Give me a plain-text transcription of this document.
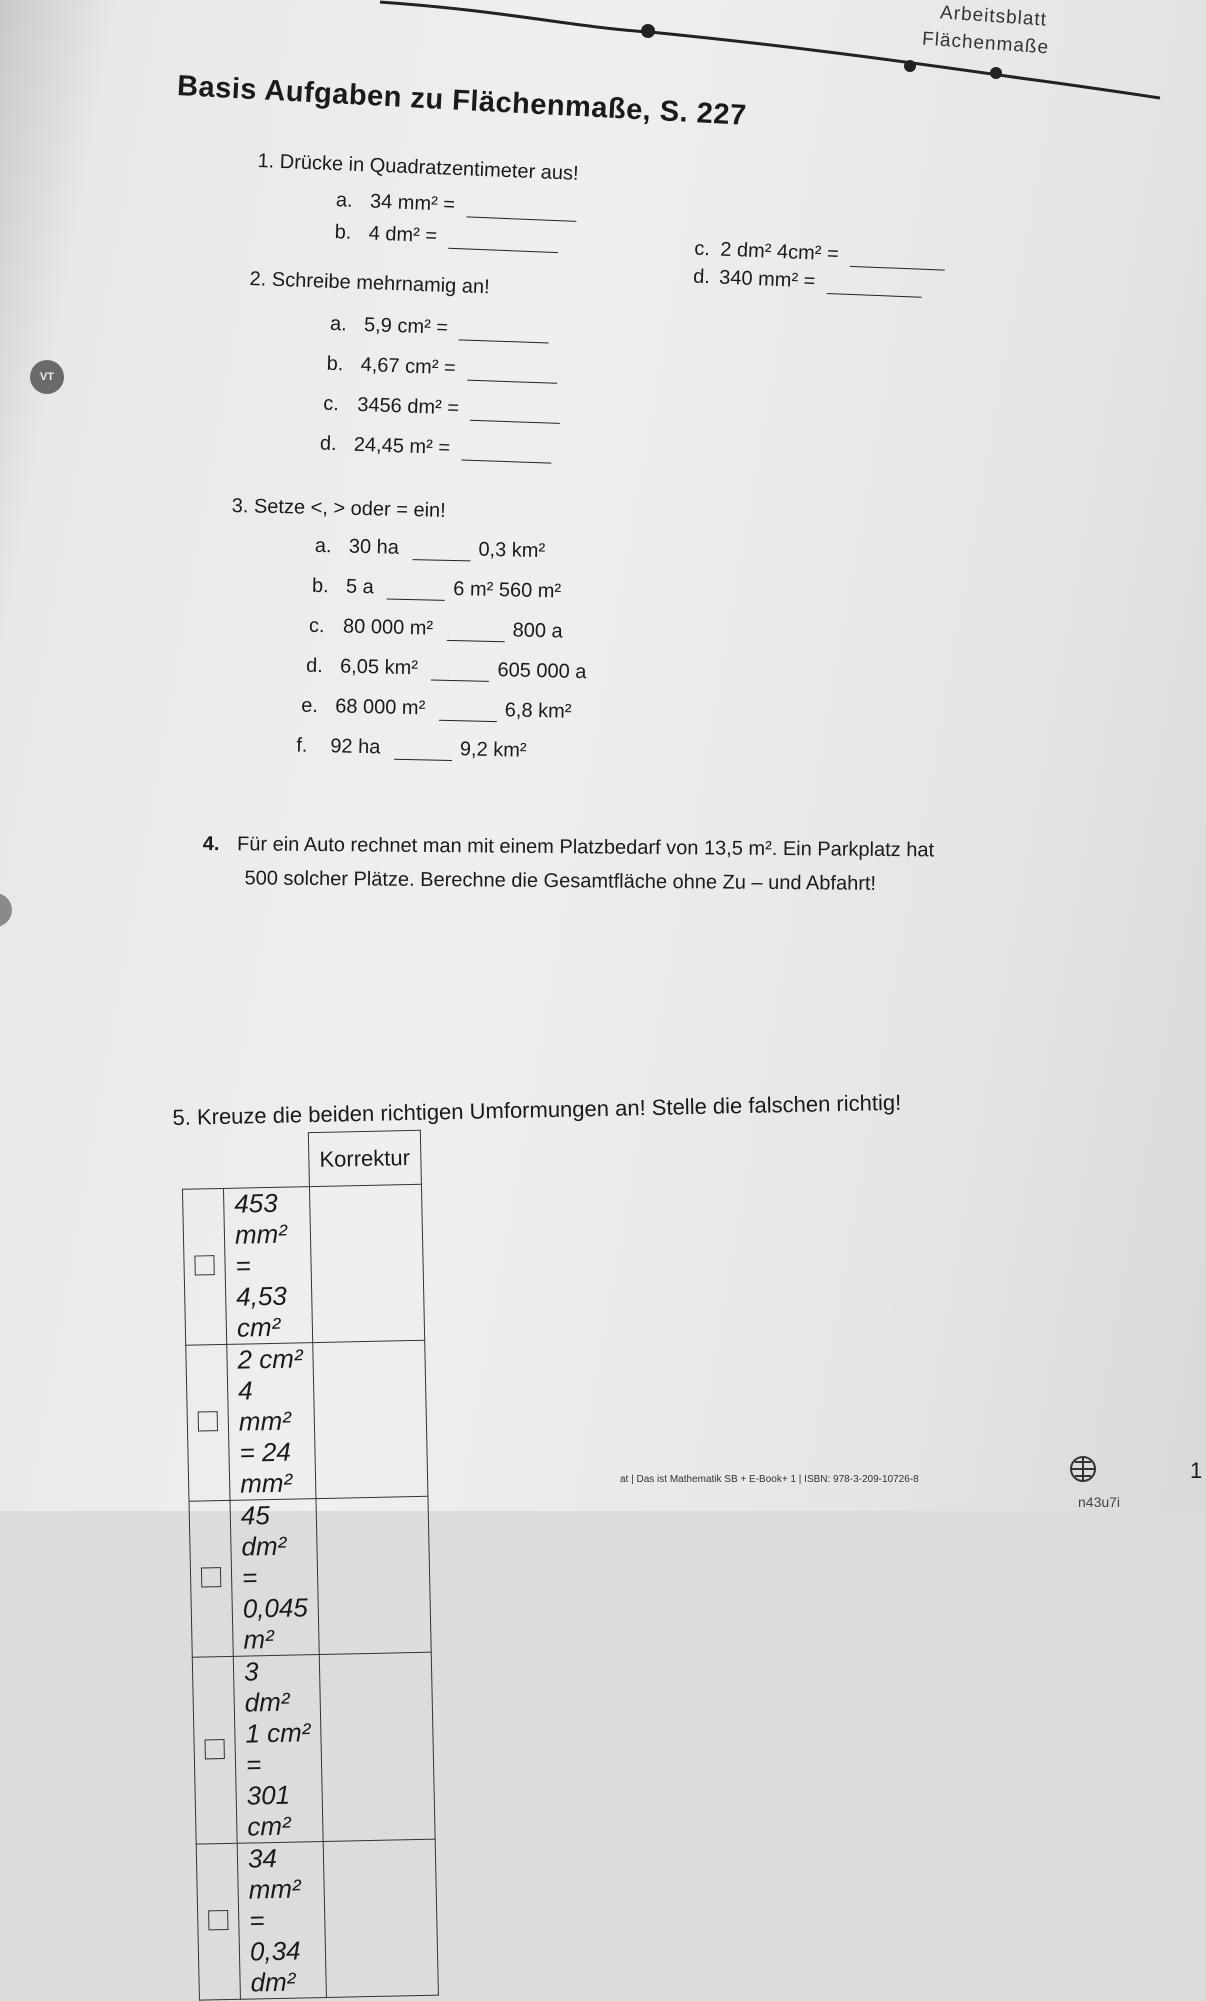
Arbeitsblatt
Flächenmaße
Basis Aufgaben zu Flächenmaße, S. 227
VT
1. Drücke in Quadratzentimeter aus!
a. 34 mm² =
b. 4 dm² =
c. 2 dm² 4cm² =
d. 340 mm² =
2. Schreibe mehrnamig an!
a. 5,9 cm² =
b. 4,67 cm² =
c. 3456 dm² =
d. 24,45 m² =
3. Setze <, > oder = ein!
a. 30 ha	0,3 km²
b. 5 a	6 m² 560 m²
c. 80 000 m²	800 a
d. 6,05 km²	605 000 a
e. 68 000 m²	6,8 km²
f. 92 ha	9,2 km²
4. Für ein Auto rechnet man mit einem Platzbedarf von 13,5 m². Ein Parkplatz hat
500 solcher Plätze. Berechne die Gesamtfläche ohne Zu – und Abfahrt!
5. Kreuze die beiden richtigen Umformungen an! Stelle die falschen richtig!
		Korrektur
	453 mm² = 4,53 cm²	
	2 cm² 4 mm² = 24 mm²	
	45 dm² = 0,045 m²	
	3 dm² 1 cm² = 301 cm²	
	34 mm² = 0,34 dm²	
at | Das ist Mathematik SB + E-Book+ 1 | ISBN: 978-3-209-10726-8	1
n43u7i
